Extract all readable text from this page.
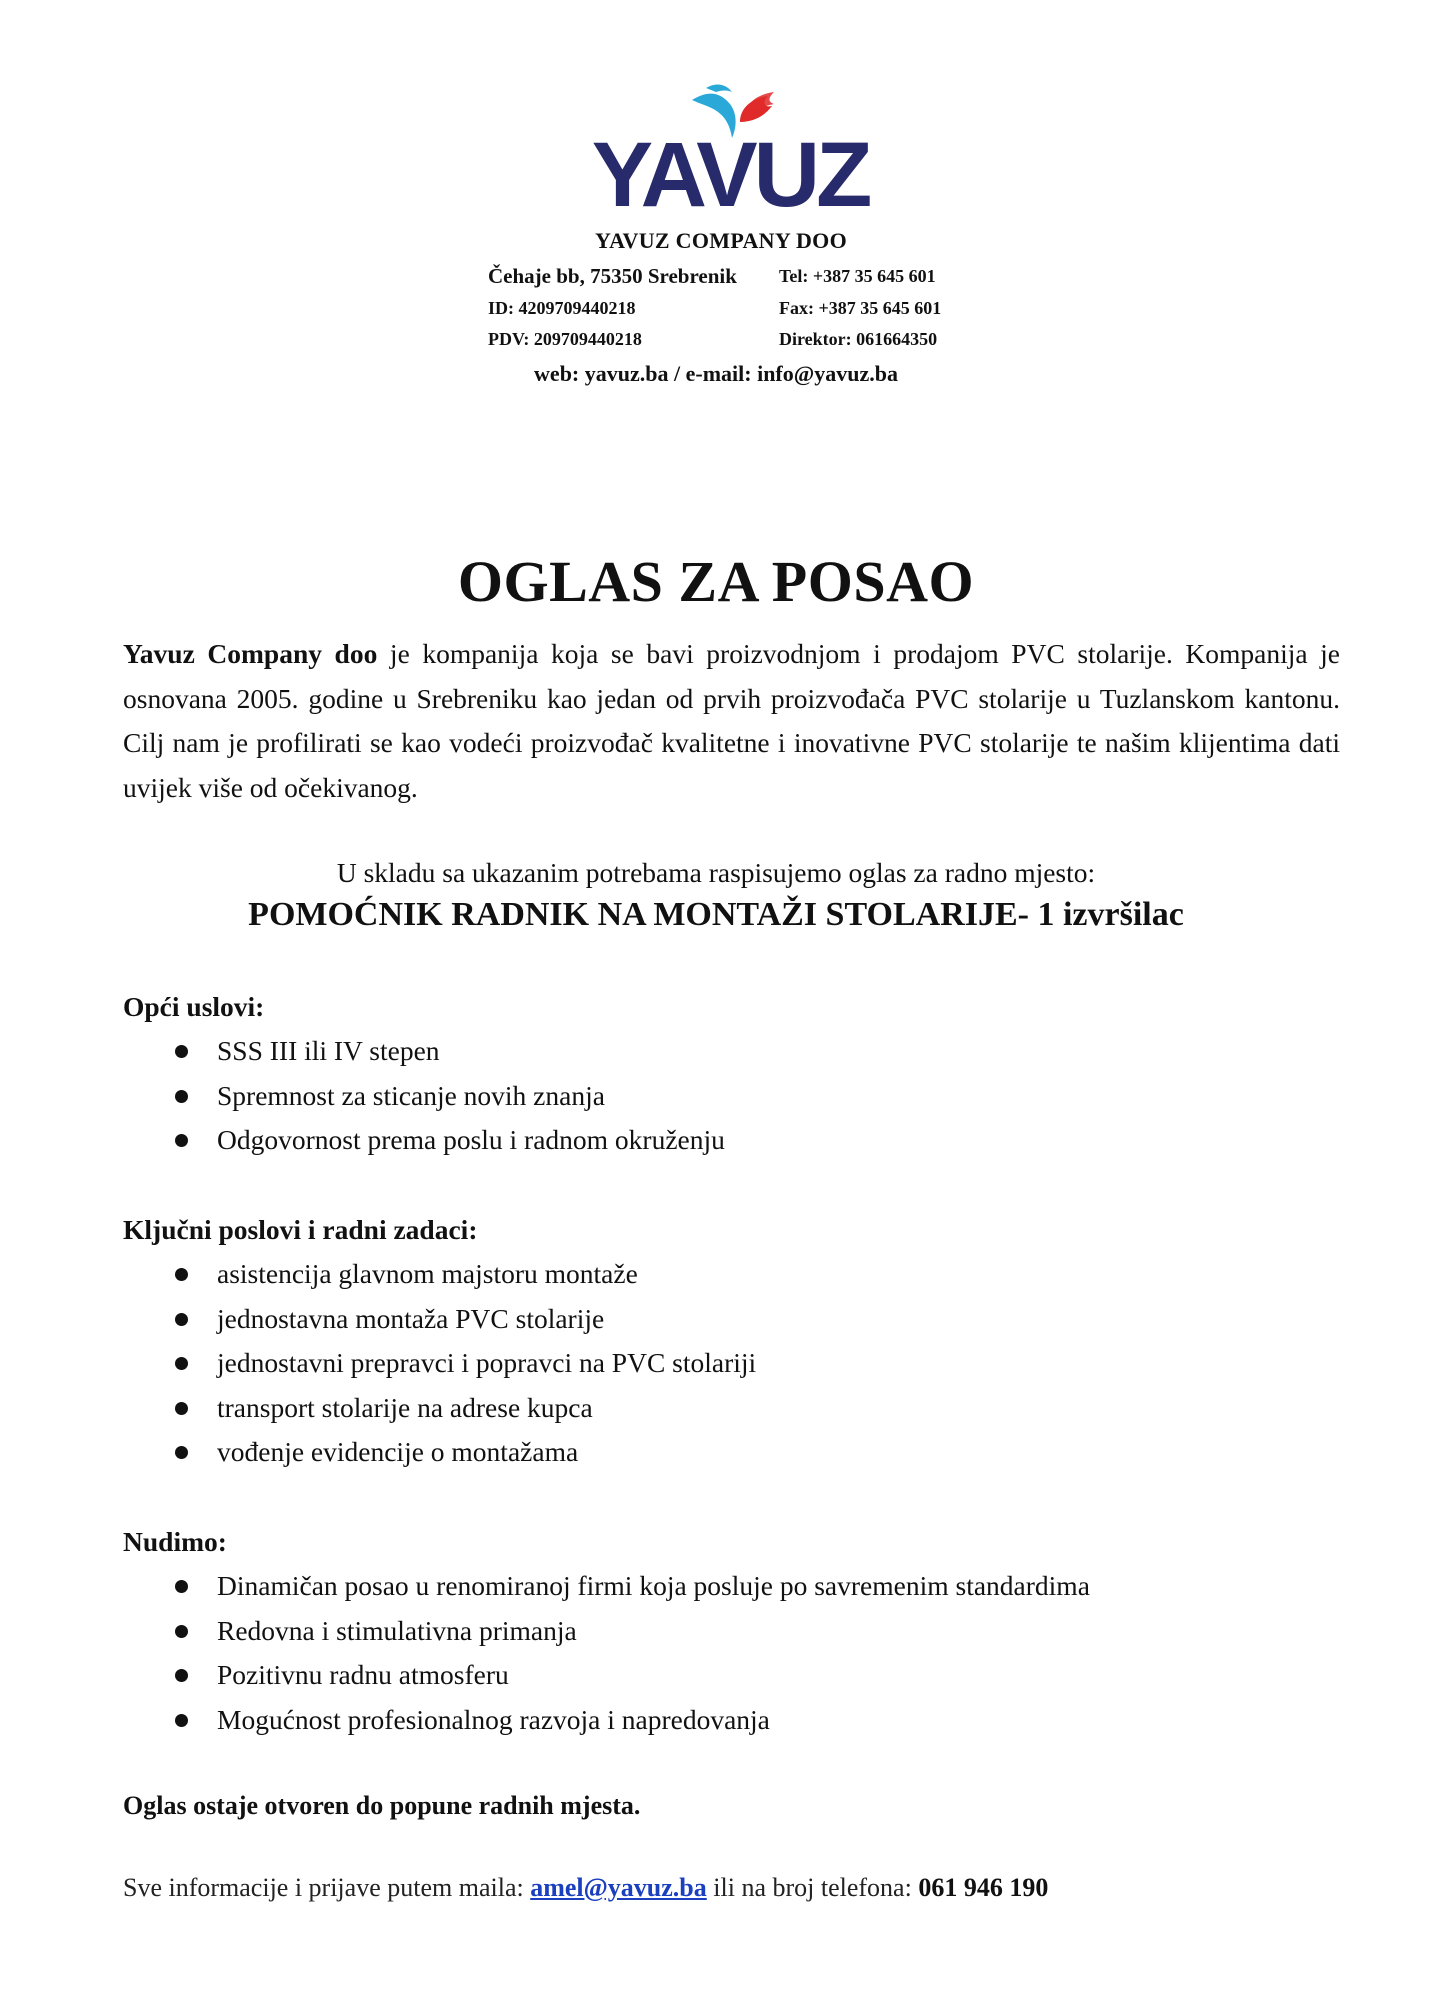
YAVUZ
YAVUZ COMPANY DOO
Čehaje bb, 75350 Srebrenik Tel: +387 35 645 601
ID: 4209709440218	Fax: +387 35 645 601
PDV: 209709440218	Direktor: 061664350
web: yavuz.ba / e-mail: info@yavuz.ba
OGLAS ZA POSAO

Yavuz Company doo je kompanija koja se bavi proizvodnjom i prodajom PVC stolarije. Kompanija je osnovana 2005. godine u Srebreniku kao jedan od prvih proizvođača PVC stolarije u Tuzlanskom kantonu. Cilj nam je profilirati se kao vodeći proizvođač kvalitetne i inovativne PVC stolarije te našim klijentima dati uvijek više od očekivanog.

U skladu sa ukazanim potrebama raspisujemo oglas za radno mjesto:

POMOĆNIK RADNIK NA MONTAŽI STOLARIJE- 1 izvršilac

Opći uslovi:

SSS III ili IV stepen
Spremnost za sticanje novih znanja
Odgovornost prema poslu i radnom okruženju

Ključni poslovi i radni zadaci:

asistencija glavnom majstoru montaže
jednostavna montaža PVC stolarije
jednostavni prepravci i popravci na PVC stolariji
transport stolarije na adrese kupca
vođenje evidencije o montažama

Nudimo:

Dinamičan posao u renomiranoj firmi koja posluje po savremenim standardima
Redovna i stimulativna primanja
Pozitivnu radnu atmosferu
Mogućnost profesionalnog razvoja i napredovanja

Oglas ostaje otvoren do popune radnih mjesta.

Sve informacije i prijave putem maila: amel@yavuz.ba ili na broj telefona: 061 946 190
